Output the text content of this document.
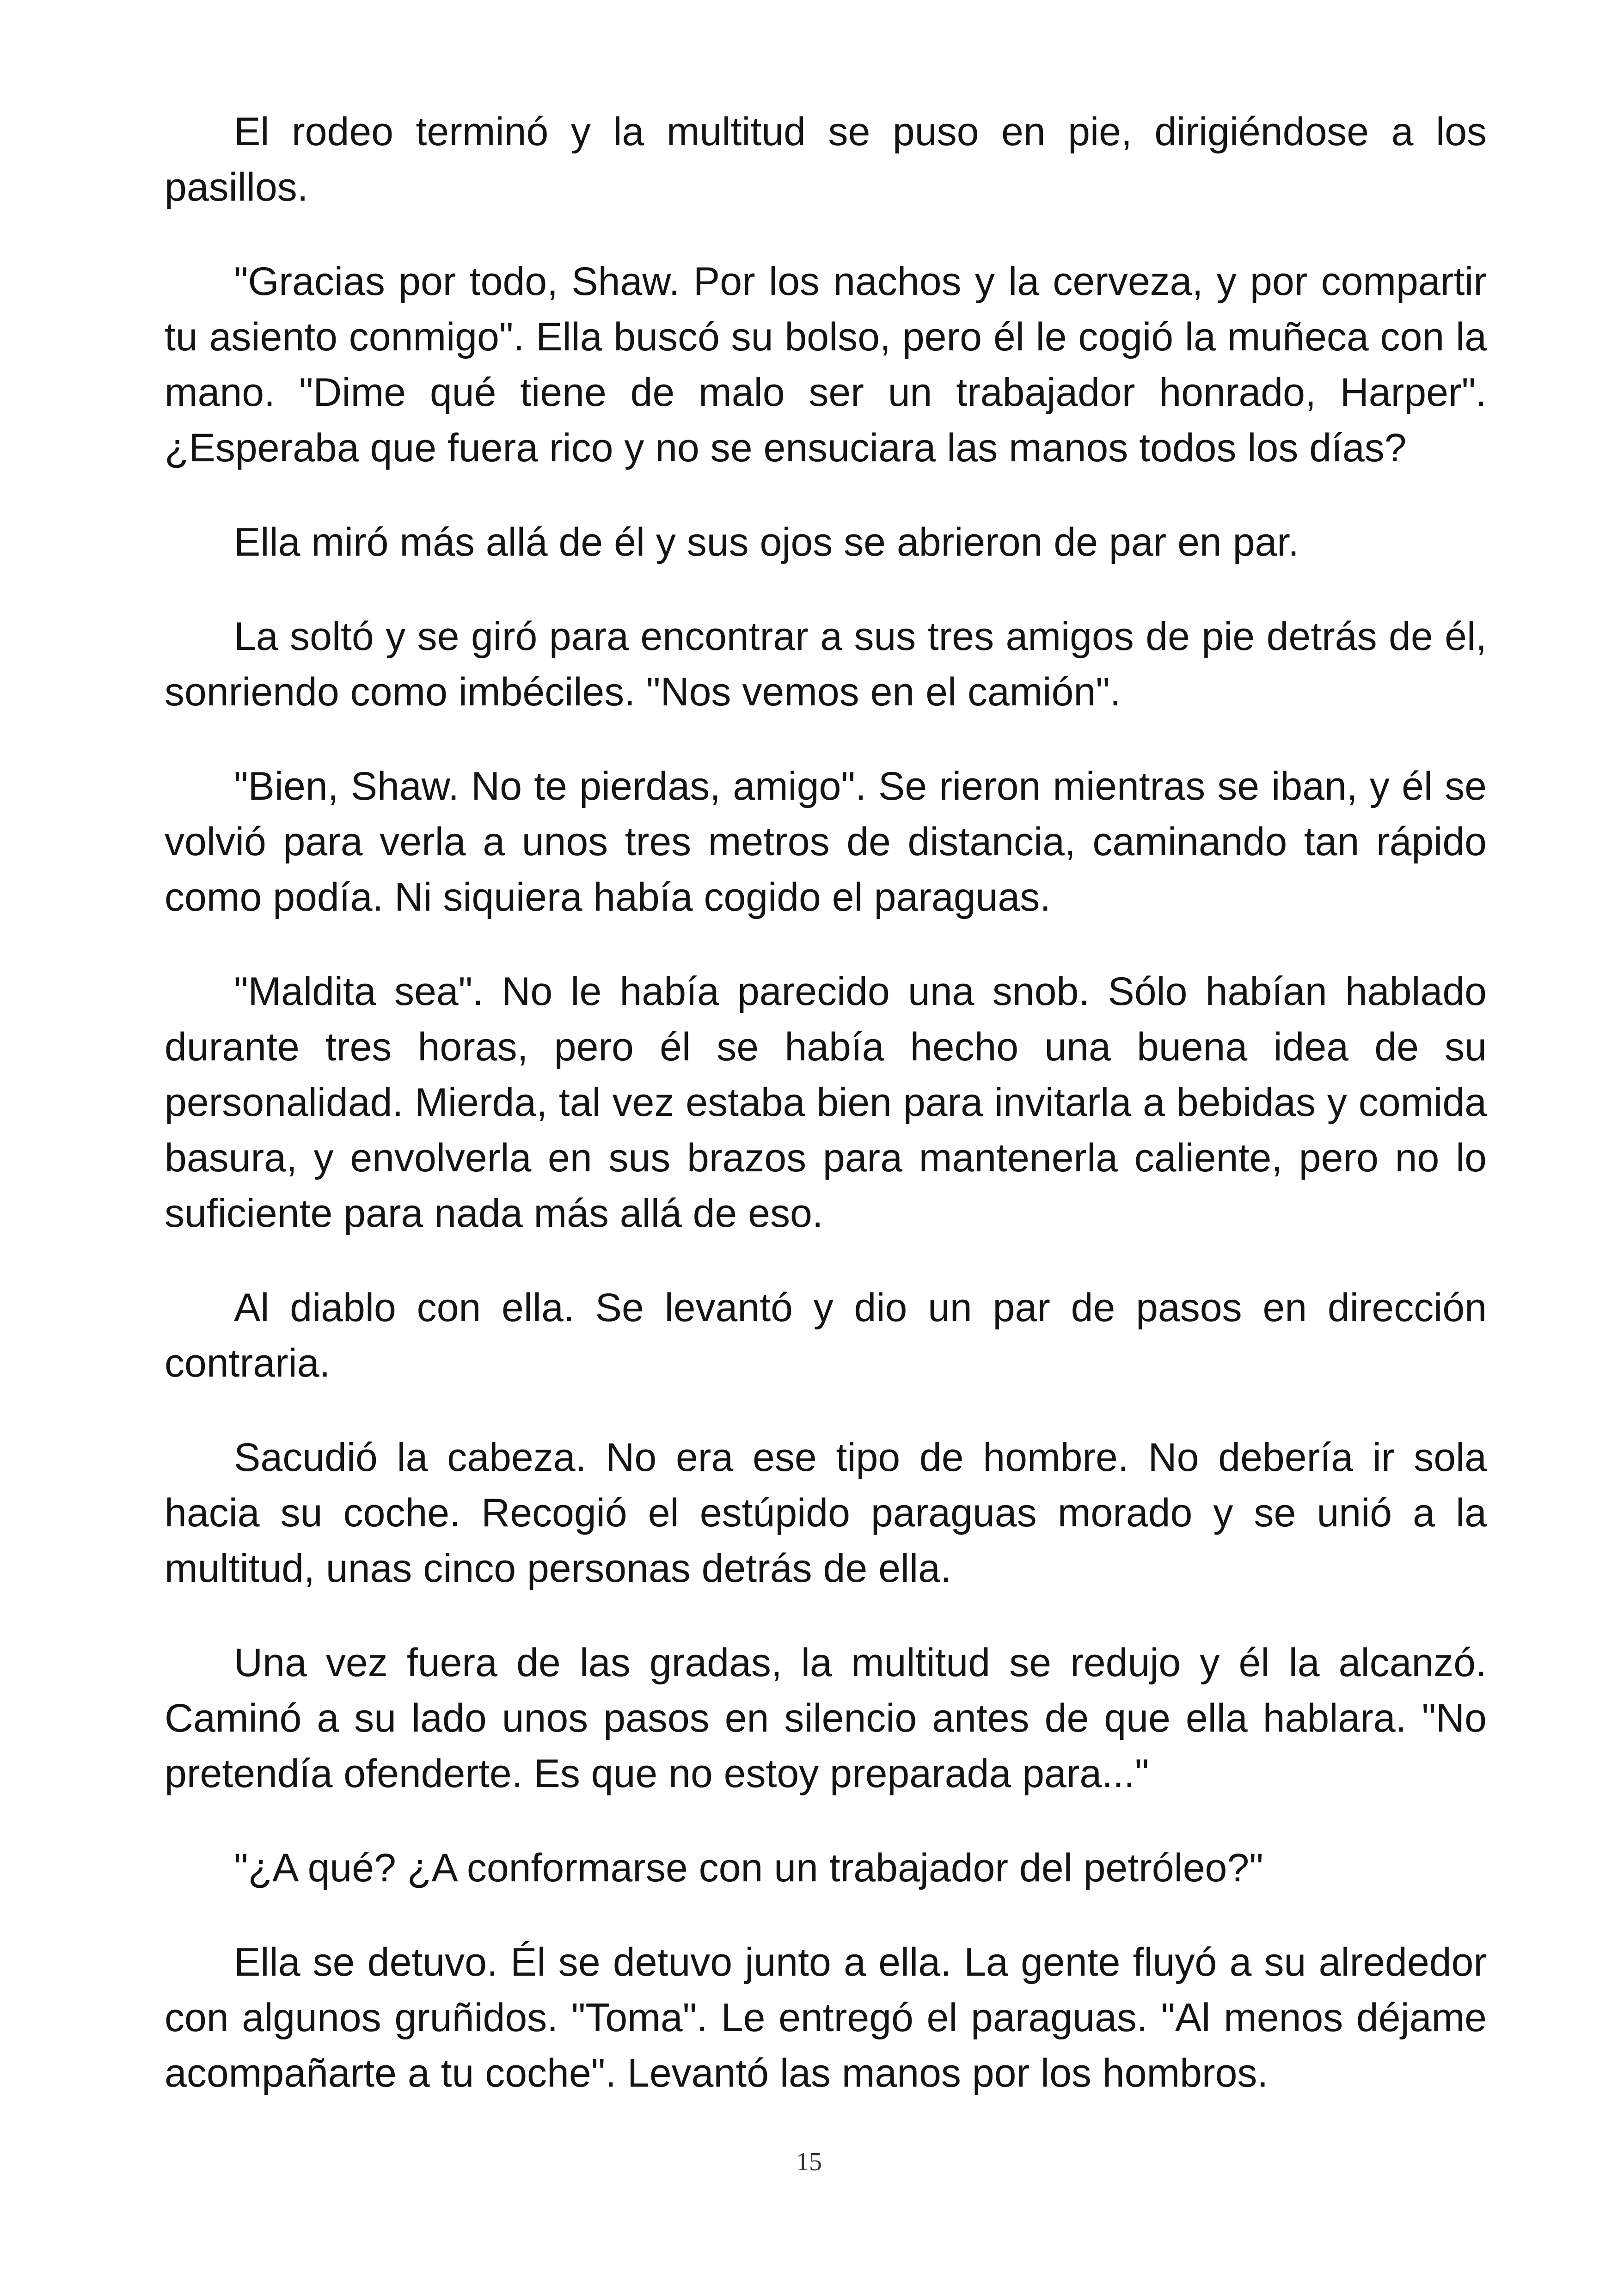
El rodeo terminó y la multitud se puso en pie, dirigiéndose a los pasillos.

"Gracias por todo, Shaw. Por los nachos y la cerveza, y por compartir tu asiento conmigo". Ella buscó su bolso, pero él le cogió la muñeca con la mano. "Dime qué tiene de malo ser un trabajador honrado, Harper". ¿Esperaba que fuera rico y no se ensuciara las manos todos los días?

Ella miró más allá de él y sus ojos se abrieron de par en par.

La soltó y se giró para encontrar a sus tres amigos de pie detrás de él, sonriendo como imbéciles. "Nos vemos en el camión".

"Bien, Shaw. No te pierdas, amigo". Se rieron mientras se iban, y él se volvió para verla a unos tres metros de distancia, caminando tan rápido como podía. Ni siquiera había cogido el paraguas.

"Maldita sea". No le había parecido una snob. Sólo habían hablado durante tres horas, pero él se había hecho una buena idea de su personalidad. Mierda, tal vez estaba bien para invitarla a bebidas y comida basura, y envolverla en sus brazos para mantenerla caliente, pero no lo suficiente para nada más allá de eso.

Al diablo con ella. Se levantó y dio un par de pasos en dirección contraria.

Sacudió la cabeza. No era ese tipo de hombre. No debería ir sola hacia su coche. Recogió el estúpido paraguas morado y se unió a la multitud, unas cinco personas detrás de ella.

Una vez fuera de las gradas, la multitud se redujo y él la alcanzó. Caminó a su lado unos pasos en silencio antes de que ella hablara. "No pretendía ofenderte. Es que no estoy preparada para..."

"¿A qué? ¿A conformarse con un trabajador del petróleo?"

Ella se detuvo. Él se detuvo junto a ella. La gente fluyó a su alrededor con algunos gruñidos. "Toma". Le entregó el paraguas. "Al menos déjame acompañarte a tu coche". Levantó las manos por los hombros.

15
